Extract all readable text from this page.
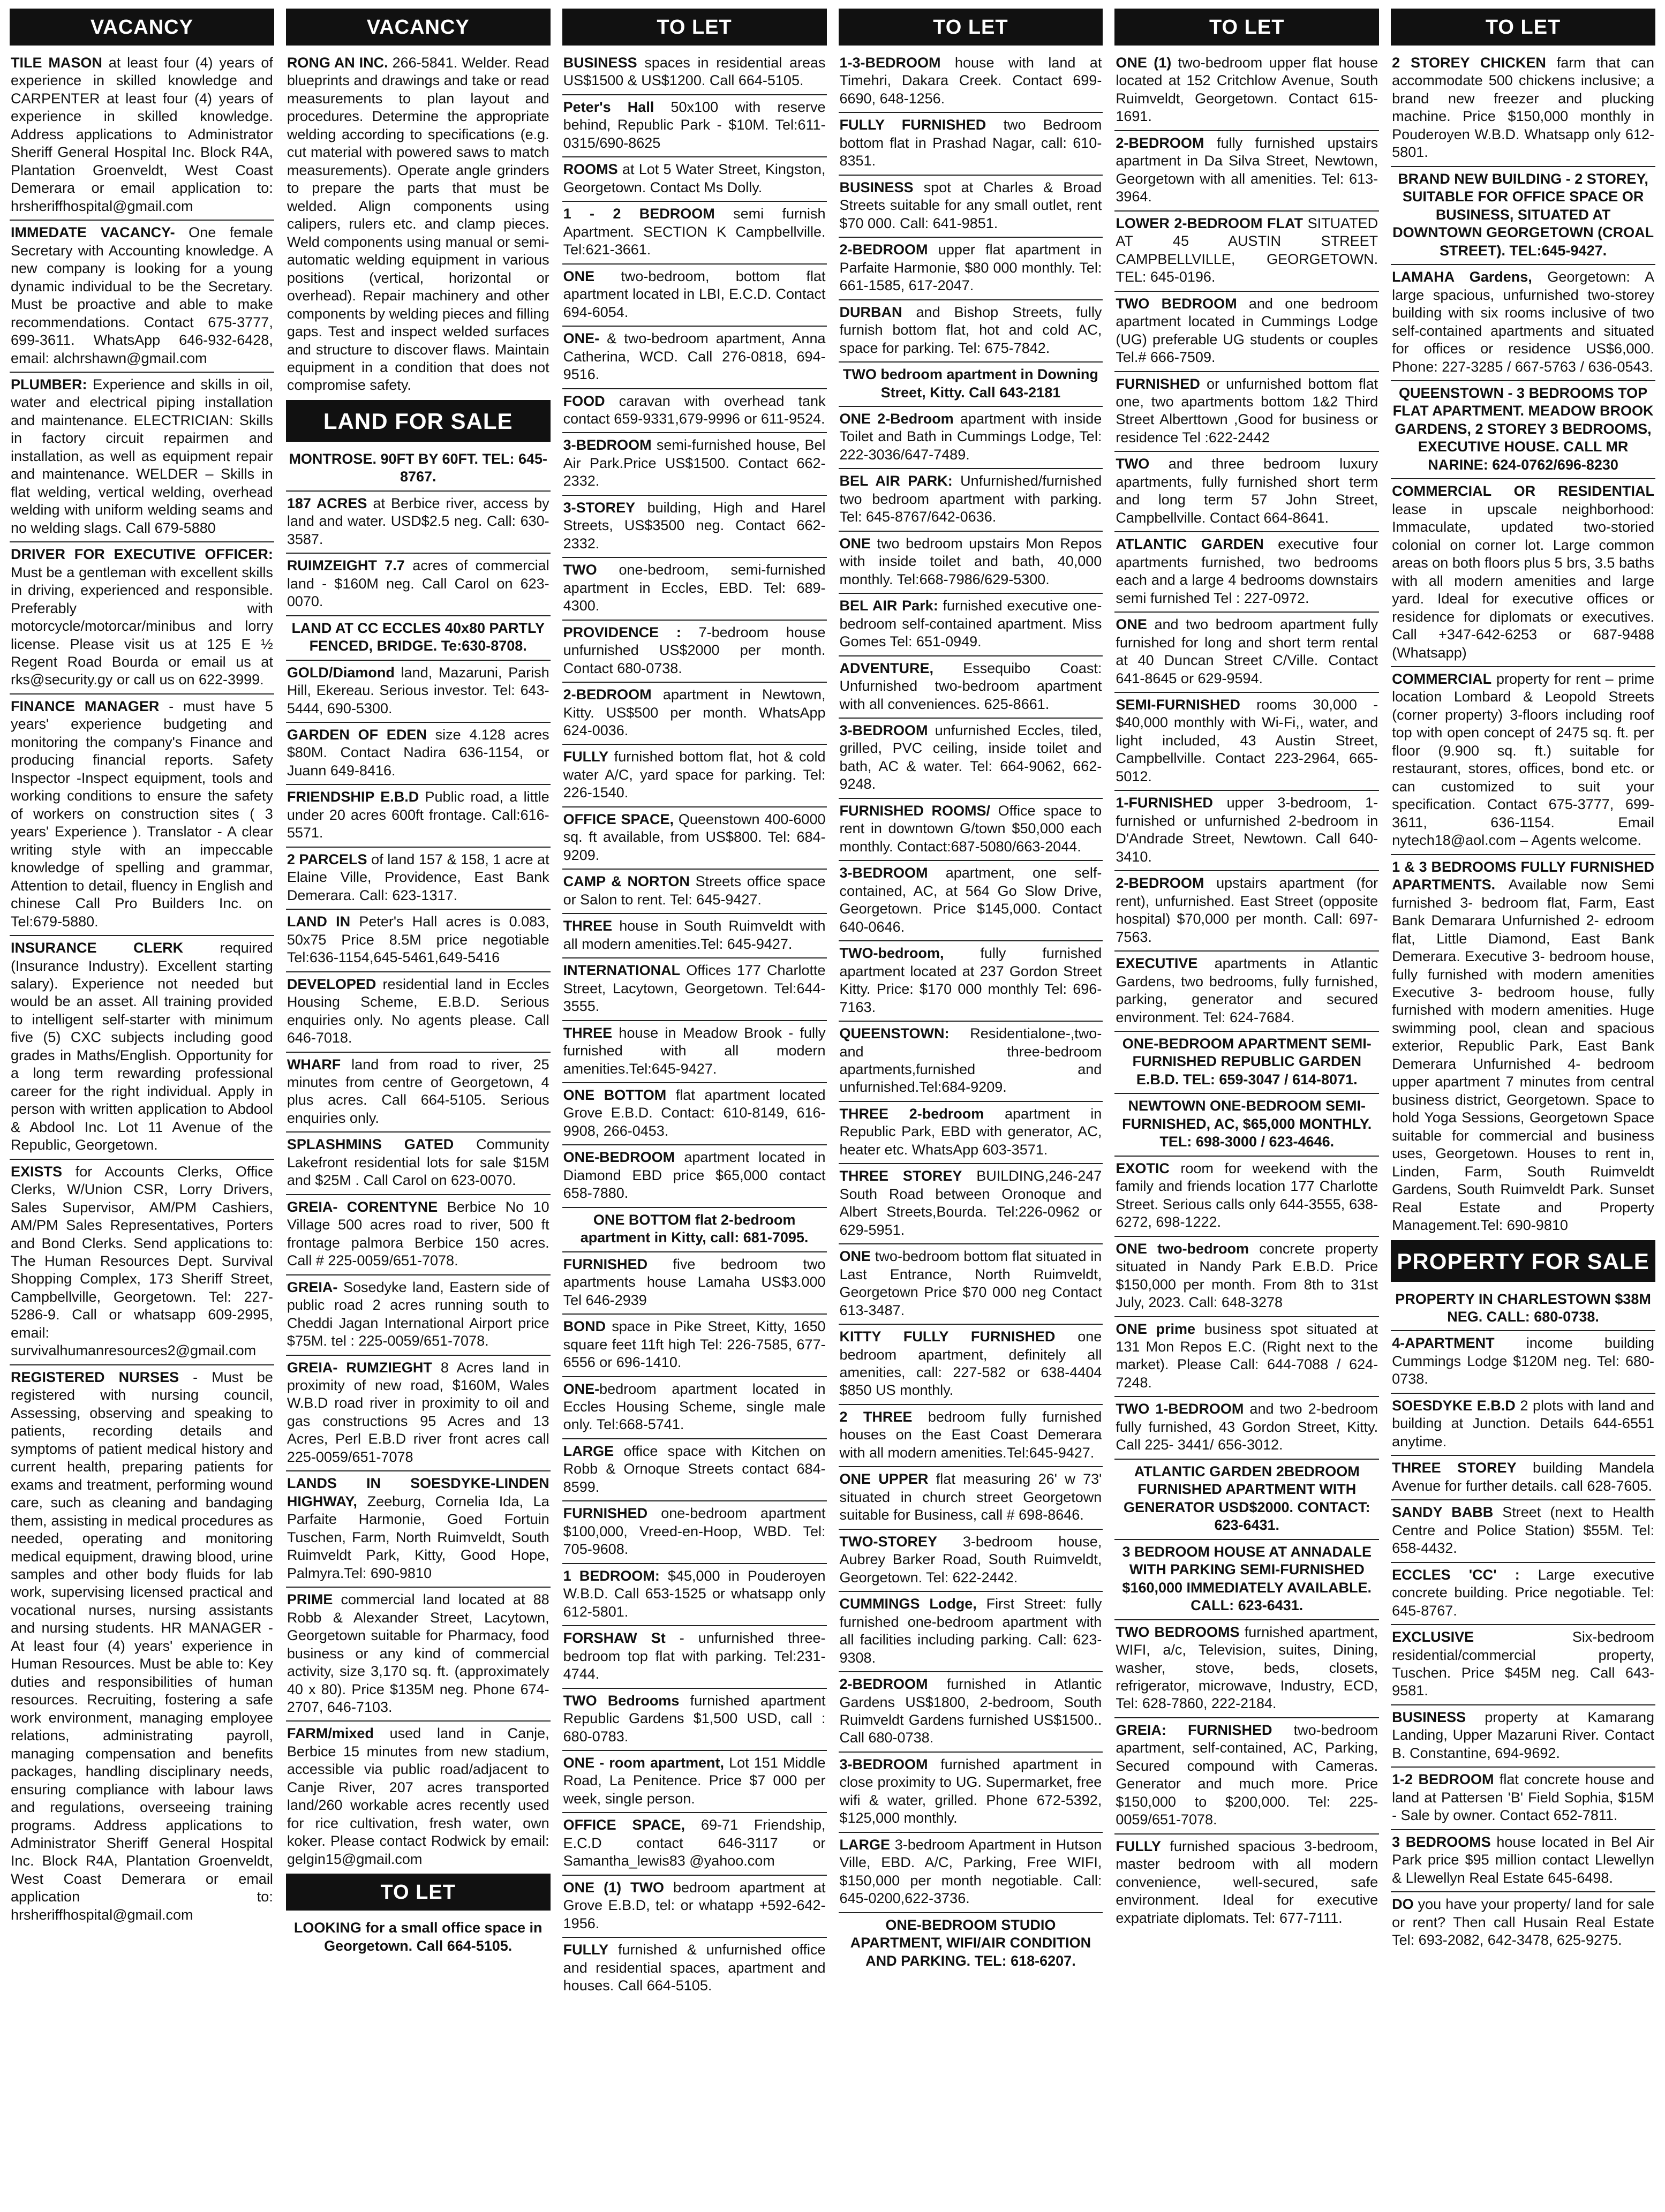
VACANCY
TILE MASON at least four (4) years of experience in skilled knowledge and CARPENTER at least four (4) years of experience in skilled knowledge. Address applications to Administrator Sheriff General Hospital Inc. Block R4A, Plantation Groenveldt, West Coast Demerara or email application to: hrsheriffhospital@gmail.com
IMMEDATE VACANCY- One female Secretary with Accounting knowledge. A new company is looking for a young dynamic individual to be the Secretary. Must be proactive and able to make recommendations. Contact 675-3777, 699-3611. WhatsApp 646-932-6428, email: alchrshawn@gmail.com
PLUMBER: Experience and skills in oil, water and electrical piping installation and maintenance. ELECTRICIAN: Skills in factory circuit repairmen and installation, as well as equipment repair and maintenance. WELDER – Skills in flat welding, vertical welding, overhead welding with uniform welding seams and no welding slags. Call 679-5880
DRIVER FOR EXECUTIVE OFFICER: Must be a gentleman with excellent skills in driving, experienced and responsible. Preferably with motorcycle/motorcar/minibus and lorry license. Please visit us at 125 E ½ Regent Road Bourda or email us at rks@security.gy or call us on 622-3999.
FINANCE MANAGER - must have 5 years' experience budgeting and monitoring the company's Finance and producing financial reports. Safety Inspector -Inspect equipment, tools and working conditions to ensure the safety of workers on construction sites ( 3 years' Experience ). Translator - A clear writing style with an impeccable knowledge of spelling and grammar, Attention to detail, fluency in English and chinese Call Pro Builders Inc. on Tel:679-5880.
INSURANCE CLERK required (Insurance Industry). Excellent starting salary). Experience not needed but would be an asset. All training provided to intelligent self-starter with minimum five (5) CXC subjects including good grades in Maths/English. Opportunity for a long term rewarding professional career for the right individual. Apply in person with written application to Abdool & Abdool Inc. Lot 11 Avenue of the Republic, Georgetown.
EXISTS for Accounts Clerks, Office Clerks, W/Union CSR, Lorry Drivers, Sales Supervisor, AM/PM Cashiers, AM/PM Sales Representatives, Porters and Bond Clerks. Send applications to: The Human Resources Dept. Survival Shopping Complex, 173 Sheriff Street, Campbellville, Georgetown. Tel: 227-5286-9. Call or whatsapp 609-2995, email: survivalhumanresources2@gmail.com
REGISTERED NURSES - Must be registered with nursing council, Assessing, observing and speaking to patients, recording details and symptoms of patient medical history and current health, preparing patients for exams and treatment, performing wound care, such as cleaning and bandaging them, assisting in medical procedures as needed, operating and monitoring medical equipment, drawing blood, urine samples and other body fluids for lab work, supervising licensed practical and vocational nurses, nursing assistants and nursing students. HR MANAGER - At least four (4) years' experience in Human Resources. Must be able to: Key duties and responsibilities of human resources. Recruiting, fostering a safe work environment, managing employee relations, administrating payroll, managing compensation and benefits packages, handling disciplinary needs, ensuring compliance with labour laws and regulations, overseeing training programs. Address applications to Administrator Sheriff General Hospital Inc. Block R4A, Plantation Groenveldt, West Coast Demerara or email application to: hrsheriffhospital@gmail.com
VACANCY
RONG AN INC. 266-5841. Welder. Read blueprints and drawings and take or read measurements to plan layout and procedures. Determine the appropriate welding according to specifications (e.g. cut material with powered saws to match measurements). Operate angle grinders to prepare the parts that must be welded. Align components using calipers, rulers etc. and clamp pieces. Weld components using manual or semi-automatic welding equipment in various positions (vertical, horizontal or overhead). Repair machinery and other components by welding pieces and filling gaps. Test and inspect welded surfaces and structure to discover flaws. Maintain equipment in a condition that does not compromise safety.
LAND FOR SALE
MONTROSE. 90FT BY 60FT. TEL: 645-8767.
187 ACRES at Berbice river, access by land and water. USD$2.5 neg. Call: 630-3587.
RUIMZEIGHT 7.7 acres of commercial land - $160M neg. Call Carol on 623-0070.
LAND AT CC ECCLES 40x80 PARTLY FENCED, BRIDGE. Te:630-8708.
GOLD/Diamond land, Mazaruni, Parish Hill, Ekereau. Serious investor. Tel: 643-5444, 690-5300.
GARDEN OF EDEN size 4.128 acres $80M. Contact Nadira 636-1154, or Juann 649-8416.
FRIENDSHIP E.B.D Public road, a little under 20 acres 600ft frontage. Call:616-5571.
2 PARCELS of land 157 & 158, 1 acre at Elaine Ville, Providence, East Bank Demerara. Call: 623-1317.
LAND IN Peter's Hall acres is 0.083, 50x75 Price 8.5M price negotiable Tel:636-1154,645-5461,649-5416
DEVELOPED residential land in Eccles Housing Scheme, E.B.D. Serious enquiries only. No agents please. Call 646-7018.
WHARF land from road to river, 25 minutes from centre of Georgetown, 4 plus acres. Call 664-5105. Serious enquiries only.
SPLASHMINS GATED Community Lakefront residential lots for sale $15M and $25M . Call Carol on 623-0070.
GREIA- CORENTYNE Berbice No 10 Village 500 acres road to river, 500 ft frontage palmora Berbice 150 acres. Call # 225-0059/651-7078.
GREIA- Sosedyke land, Eastern side of public road 2 acres running south to Cheddi Jagan International Airport price $75M. tel : 225-0059/651-7078.
GREIA- RUMZIEGHT 8 Acres land in proximity of new road, $160M, Wales W.B.D road river in proximity to oil and gas constructions 95 Acres and 13 Acres, Perl E.B.D river front acres call 225-0059/651-7078
LANDS IN SOESDYKE-LINDEN HIGHWAY, Zeeburg, Cornelia Ida, La Parfaite Harmonie, Goed Fortuin Tuschen, Farm, North Ruimveldt, South Ruimveldt Park, Kitty, Good Hope, Palmyra.Tel: 690-9810
PRIME commercial land located at 88 Robb & Alexander Street, Lacytown, Georgetown suitable for Pharmacy, food business or any kind of commercial activity, size 3,170 sq. ft. (approximately 40 x 80). Price $135M neg. Phone 674-2707, 646-7103.
FARM/mixed used land in Canje, Berbice 15 minutes from new stadium, accessible via public road/adjacent to Canje River, 207 acres transported land/260 workable acres recently used for rice cultivation, fresh water, own koker. Please contact Rodwick by email: gelgin15@gmail.com
TO LET
LOOKING for a small office space in Georgetown. Call 664-5105.
TO LET
BUSINESS spaces in residential areas US$1500 & US$1200. Call 664-5105.
Peter's Hall 50x100 with reserve behind, Republic Park - $10M. Tel:611-0315/690-8625
ROOMS at Lot 5 Water Street, Kingston, Georgetown. Contact Ms Dolly.
1 - 2 BEDROOM semi furnish Apartment. SECTION K Campbellville. Tel:621-3661.
ONE two-bedroom, bottom flat apartment located in LBI, E.C.D. Contact 694-6054.
ONE- & two-bedroom apartment, Anna Catherina, WCD. Call 276-0818, 694-9516.
FOOD caravan with overhead tank contact 659-9331,679-9996 or 611-9524.
3-BEDROOM semi-furnished house, Bel Air Park.Price US$1500. Contact 662-2332.
3-STOREY building, High and Harel Streets, US$3500 neg. Contact 662-2332.
TWO one-bedroom, semi-furnished apartment in Eccles, EBD. Tel: 689-4300.
PROVIDENCE : 7-bedroom house unfurnished US$2000 per month. Contact 680-0738.
2-BEDROOM apartment in Newtown, Kitty. US$500 per month. WhatsApp 624-0036.
FULLY furnished bottom flat, hot & cold water A/C, yard space for parking. Tel: 226-1540.
OFFICE SPACE, Queenstown 400-6000 sq. ft available, from US$800. Tel: 684-9209.
CAMP & NORTON Streets office space or Salon to rent. Tel: 645-9427.
THREE house in South Ruimveldt with all modern amenities.Tel: 645-9427.
INTERNATIONAL Offices 177 Charlotte Street, Lacytown, Georgetown. Tel:644-3555.
THREE house in Meadow Brook - fully furnished with all modern amenities.Tel:645-9427.
ONE BOTTOM flat apartment located Grove E.B.D. Contact: 610-8149, 616-9908, 266-0453.
ONE-BEDROOM apartment located in Diamond EBD price $65,000 contact 658-7880.
ONE BOTTOM flat 2-bedroom apartment in Kitty, call: 681-7095.
FURNISHED five bedroom two apartments house Lamaha US$3.000 Tel 646-2939
BOND space in Pike Street, Kitty, 1650 square feet 11ft high Tel: 226-7585, 677-6556 or 696-1410.
ONE-bedroom apartment located in Eccles Housing Scheme, single male only. Tel:668-5741.
LARGE office space with Kitchen on Robb & Ornoque Streets contact 684-8599.
FURNISHED one-bedroom apartment $100,000, Vreed-en-Hoop, WBD. Tel: 705-9608.
1 BEDROOM: $45,000 in Pouderoyen W.B.D. Call 653-1525 or whatsapp only 612-5801.
FORSHAW St - unfurnished three-bedroom top flat with parking. Tel:231-4744.
TWO Bedrooms furnished apartment Republic Gardens $1,500 USD, call : 680-0783.
ONE - room apartment, Lot 151 Middle Road, La Penitence. Price $7 000 per week, single person.
OFFICE SPACE, 69-71 Friendship, E.C.D contact 646-3117 or Samantha_lewis83 @yahoo.com
ONE (1) TWO bedroom apartment at Grove E.B.D, tel: or whatapp +592-642-1956.
FULLY furnished & unfurnished office and residential spaces, apartment and houses. Call 664-5105.
TO LET
1-3-BEDROOM house with land at Timehri, Dakara Creek. Contact 699-6690, 648-1256.
FULLY FURNISHED two Bedroom bottom flat in Prashad Nagar, call: 610-8351.
BUSINESS spot at Charles & Broad Streets suitable for any small outlet, rent $70 000. Call: 641-9851.
2-BEDROOM upper flat apartment in Parfaite Harmonie, $80 000 monthly. Tel: 661-1585, 617-2047.
DURBAN and Bishop Streets, fully furnish bottom flat, hot and cold AC, space for parking. Tel: 675-7842.
TWO bedroom apartment in Downing Street, Kitty. Call 643-2181
ONE 2-Bedroom apartment with inside Toilet and Bath in Cummings Lodge, Tel: 222-3036/647-7489.
BEL AIR PARK: Unfurnished/furnished two bedroom apartment with parking. Tel: 645-8767/642-0636.
ONE two bedroom upstairs Mon Repos with inside toilet and bath, 40,000 monthly. Tel:668-7986/629-5300.
BEL AIR Park: furnished executive one-bedroom self-contained apartment. Miss Gomes Tel: 651-0949.
ADVENTURE, Essequibo Coast: Unfurnished two-bedroom apartment with all conveniences. 625-8661.
3-BEDROOM unfurnished Eccles, tiled, grilled, PVC ceiling, inside toilet and bath, AC & water. Tel: 664-9062, 662-9248.
FURNISHED ROOMS/ Office space to rent in downtown G/town $50,000 each monthly. Contact:687-5080/663-2044.
3-BEDROOM apartment, one self-contained, AC, at 564 Go Slow Drive, Georgetown. Price $145,000. Contact 640-0646.
TWO-bedroom, fully furnished apartment located at 237 Gordon Street Kitty. Price: $170 000 monthly Tel: 696-7163.
QUEENSTOWN: Residentialone-,two-and three-bedroom apartments,furnished and unfurnished.Tel:684-9209.
THREE 2-bedroom apartment in Republic Park, EBD with generator, AC, heater etc. WhatsApp 603-3571.
THREE STOREY BUILDING,246-247 South Road between Oronoque and Albert Streets,Bourda. Tel:226-0962 or 629-5951.
ONE two-bedroom bottom flat situated in Last Entrance, North Ruimveldt, Georgetown Price $70 000 neg Contact 613-3487.
KITTY FULLY FURNISHED one bedroom apartment, definitely all amenities, call: 227-582 or 638-4404 $850 US monthly.
2 THREE bedroom fully furnished houses on the East Coast Demerara with all modern amenities.Tel:645-9427.
ONE UPPER flat measuring 26' w 73' situated in church street Georgetown suitable for Business, call # 698-8646.
TWO-STOREY 3-bedroom house, Aubrey Barker Road, South Ruimveldt, Georgetown. Tel: 622-2442.
CUMMINGS Lodge, First Street: fully furnished one-bedroom apartment with all facilities including parking. Call: 623-9308.
2-BEDROOM furnished in Atlantic Gardens US$1800, 2-bedroom, South Ruimveldt Gardens furnished US$1500.. Call 680-0738.
3-BEDROOM furnished apartment in close proximity to UG. Supermarket, free wifi & water, grilled. Phone 672-5392, $125,000 monthly.
LARGE 3-bedroom Apartment in Hutson Ville, EBD. A/C, Parking, Free WIFI, $150,000 per month negotiable. Call: 645-0200,622-3736.
ONE-BEDROOM STUDIO APARTMENT, WIFI/AIR CONDITION AND PARKING. TEL: 618-6207.
TO LET
ONE (1) two-bedroom upper flat house located at 152 Critchlow Avenue, South Ruimveldt, Georgetown. Contact 615-1691.
2-BEDROOM fully furnished upstairs apartment in Da Silva Street, Newtown, Georgetown with all amenities. Tel: 613-3964.
LOWER 2-BEDROOM FLAT SITUATED AT 45 AUSTIN STREET CAMPBELLVILLE, GEORGETOWN. TEL: 645-0196.
TWO BEDROOM and one bedroom apartment located in Cummings Lodge (UG) preferable UG students or couples Tel.# 666-7509.
FURNISHED or unfurnished bottom flat one, two apartments bottom 1&2 Third Street Alberttown ,Good for business or residence Tel :622-2442
TWO and three bedroom luxury apartments, fully furnished short term and long term 57 John Street, Campbellville. Contact 664-8641.
ATLANTIC GARDEN executive four apartments furnished, two bedrooms each and a large 4 bedrooms downstairs semi furnished Tel : 227-0972.
ONE and two bedroom apartment fully furnished for long and short term rental at 40 Duncan Street C/Ville. Contact 641-8645 or 629-9594.
SEMI-FURNISHED rooms 30,000 - $40,000 monthly with Wi-Fi,, water, and light included, 43 Austin Street, Campbellville. Contact 223-2964, 665-5012.
1-FURNISHED upper 3-bedroom, 1-furnished or unfurnished 2-bedroom in D'Andrade Street, Newtown. Call 640-3410.
2-BEDROOM upstairs apartment (for rent), unfurnished. East Street (opposite hospital) $70,000 per month. Call: 697-7563.
EXECUTIVE apartments in Atlantic Gardens, two bedrooms, fully furnished, parking, generator and secured environment. Tel: 624-7684.
ONE-BEDROOM APARTMENT SEMI-FURNISHED REPUBLIC GARDEN E.B.D. TEL: 659-3047 / 614-8071.
NEWTOWN ONE-BEDROOM SEMI-FURNISHED, AC, $65,000 MONTHLY. TEL: 698-3000 / 623-4646.
EXOTIC room for weekend with the family and friends location 177 Charlotte Street. Serious calls only 644-3555, 638-6272, 698-1222.
ONE two-bedroom concrete property situated in Nandy Park E.B.D. Price $150,000 per month. From 8th to 31st July, 2023. Call: 648-3278
ONE prime business spot situated at 131 Mon Repos E.C. (Right next to the market). Please Call: 644-7088 / 624-7248.
TWO 1-BEDROOM and two 2-bedroom fully furnished, 43 Gordon Street, Kitty. Call 225- 3441/ 656-3012.
ATLANTIC GARDEN 2BEDROOM FURNISHED APARTMENT WITH GENERATOR USD$2000. CONTACT: 623-6431.
3 BEDROOM HOUSE AT ANNADALE WITH PARKING SEMI-FURNISHED $160,000 IMMEDIATELY AVAILABLE. CALL: 623-6431.
TWO BEDROOMS furnished apartment, WIFI, a/c, Television, suites, Dining, washer, stove, beds, closets, refrigerator, microwave, Industry, ECD, Tel: 628-7860, 222-2184.
GREIA: FURNISHED two-bedroom apartment, self-contained, AC, Parking, Secured compound with Cameras. Generator and much more. Price $150,000 to $200,000. Tel: 225-0059/651-7078.
FULLY furnished spacious 3-bedroom, master bedroom with all modern convenience, well-secured, safe environment. Ideal for executive expatriate diplomats. Tel: 677-7111.
TO LET
2 STOREY CHICKEN farm that can accommodate 500 chickens inclusive; a brand new freezer and plucking machine. Price $150,000 monthly in Pouderoyen W.B.D. Whatsapp only 612-5801.
BRAND NEW BUILDING - 2 STOREY, SUITABLE FOR OFFICE SPACE OR BUSINESS, SITUATED AT DOWNTOWN GEORGETOWN (CROAL STREET). TEL:645-9427.
LAMAHA Gardens, Georgetown: A large spacious, unfurnished two-storey building with six rooms inclusive of two self-contained apartments and situated for offices or residence US$6,000. Phone: 227-3285 / 667-5763 / 636-0543.
QUEENSTOWN - 3 BEDROOMS TOP FLAT APARTMENT. MEADOW BROOK GARDENS, 2 STOREY 3 BEDROOMS, EXECUTIVE HOUSE. CALL MR NARINE: 624-0762/696-8230
COMMERCIAL OR RESIDENTIAL lease in upscale neighborhood: Immaculate, updated two-storied colonial on corner lot. Large common areas on both floors plus 5 brs, 3.5 baths with all modern amenities and large yard. Ideal for executive offices or residence for diplomats or executives. Call +347-642-6253 or 687-9488 (Whatsapp)
COMMERCIAL property for rent – prime location Lombard & Leopold Streets (corner property) 3-floors including roof top with open concept of 2475 sq. ft. per floor (9.900 sq. ft.) suitable for restaurant, stores, offices, bond etc. or can customized to suit your specification. Contact 675-3777, 699-3611, 636-1154. Email nytech18@aol.com – Agents welcome.
1 & 3 BEDROOMS FULLY FURNISHED APARTMENTS. Available now Semi furnished 3- bedroom flat, Farm, East Bank Demarara Unfurnished 2- edroom flat, Little Diamond, East Bank Demerara. Executive 3- bedroom house, fully furnished with modern amenities Executive 3- bedroom house, fully furnished with modern amenities. Huge swimming pool, clean and spacious exterior, Republic Park, East Bank Demerara Unfurnished 4- bedroom upper apartment 7 minutes from central business district, Georgetown. Space to hold Yoga Sessions, Georgetown Space suitable for commercial and business uses, Georgetown. Houses to rent in, Linden, Farm, South Ruimveldt Gardens, South Ruimveldt Park. Sunset Real Estate and Property Management.Tel: 690-9810
PROPERTY FOR SALE
PROPERTY IN CHARLESTOWN $38M NEG. CALL: 680-0738.
4-APARTMENT income building Cummings Lodge $120M neg. Tel: 680-0738.
SOESDYKE E.B.D 2 plots with land and building at Junction. Details 644-6551 anytime.
THREE STOREY building Mandela Avenue for further details. call 628-7605.
SANDY BABB Street (next to Health Centre and Police Station) $55M. Tel: 658-4432.
ECCLES 'CC' : Large executive concrete building. Price negotiable. Tel: 645-8767.
EXCLUSIVE Six-bedroom residential/commercial property, Tuschen. Price $45M neg. Call 643-9581.
BUSINESS property at Kamarang Landing, Upper Mazaruni River. Contact B. Constantine, 694-9692.
1-2 BEDROOM flat concrete house and land at Pattersen 'B' Field Sophia, $15M - Sale by owner. Contact 652-7811.
3 BEDROOMS house located in Bel Air Park price $95 million contact Llewellyn & Llewellyn Real Estate 645-6498.
DO you have your property/ land for sale or rent? Then call Husain Real Estate Tel: 693-2082, 642-3478, 625-9275.
